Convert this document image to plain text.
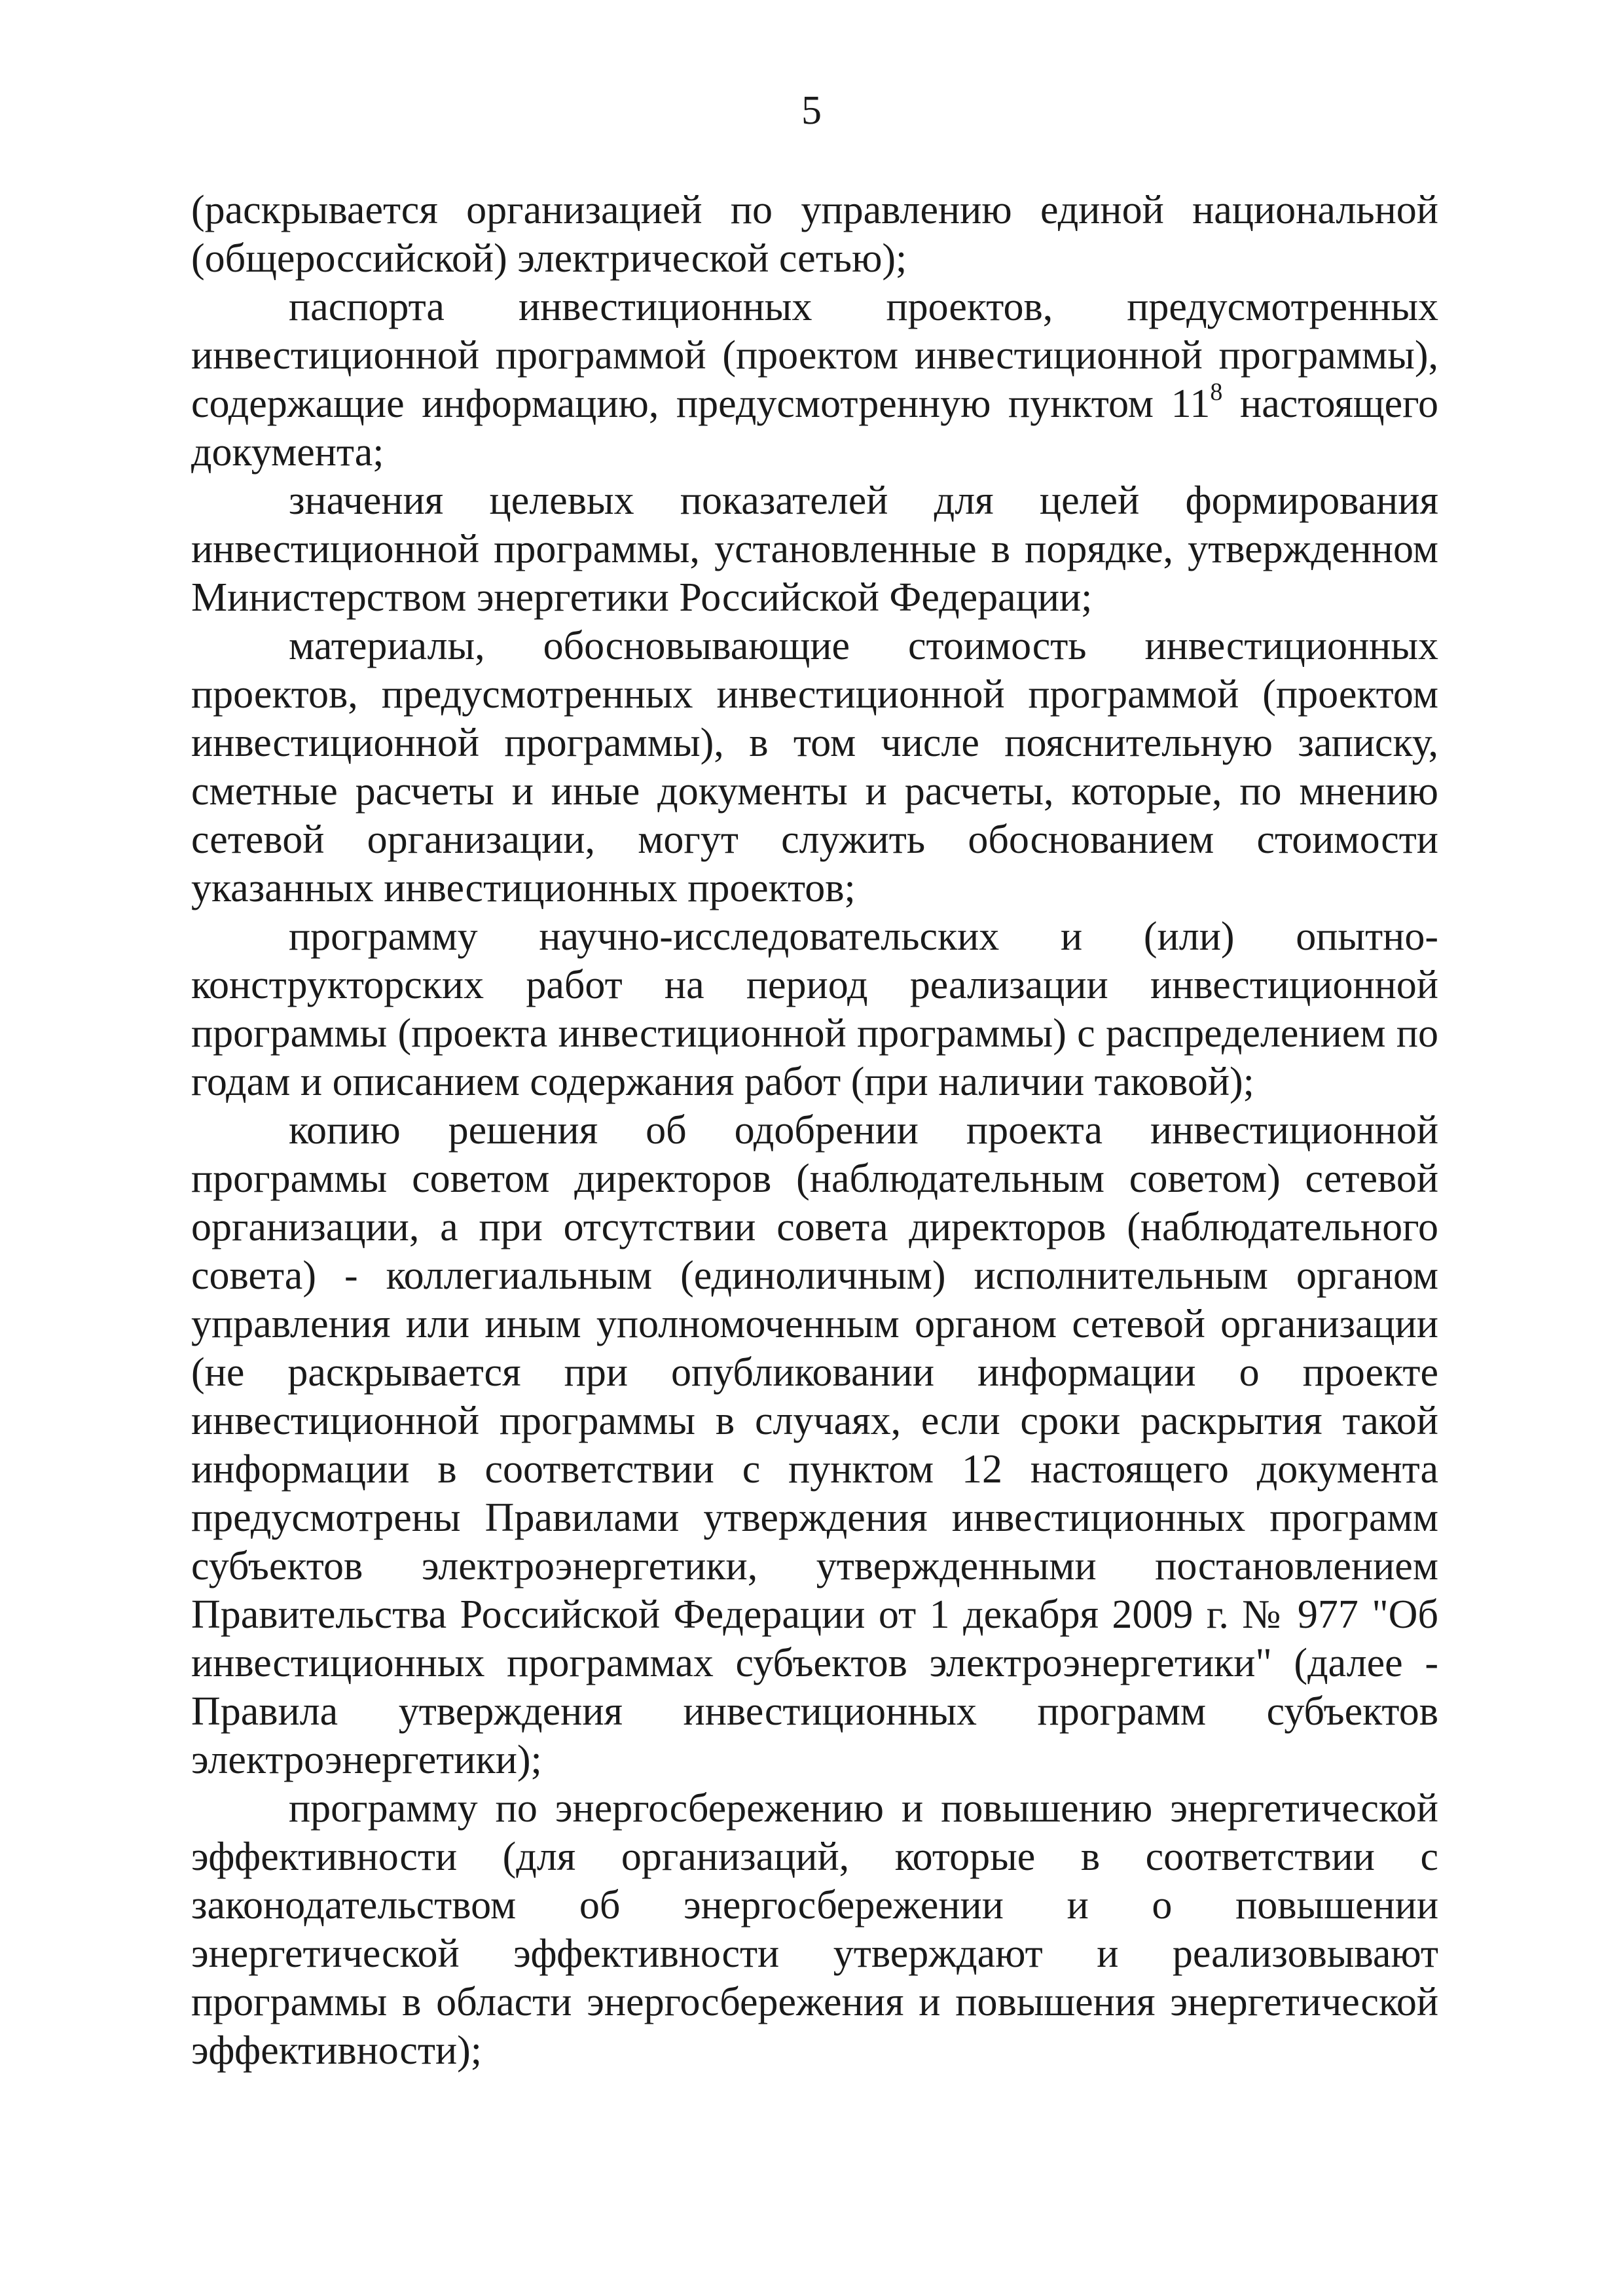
5

(раскрывается организацией по управлению единой национальной (общероссийской) электрической сетью);

паспорта инвестиционных проектов, предусмотренных инвестиционной программой (проектом инвестиционной программы), содержащие информацию, предусмотренную пунктом $11^8$ настоящего документа;

значения целевых показателей для целей формирования инвестиционной программы, установленные в порядке, утвержденном Министерством энергетики Российской Федерации;

материалы, обосновывающие стоимость инвестиционных проектов, предусмотренных инвестиционной программой (проектом инвестиционной программы), в том числе пояснительную записку, сметные расчеты и иные документы и расчеты, которые, по мнению сетевой организации, могут служить обоснованием стоимости указанных инвестиционных проектов;

программу научно-исследовательских и (или) опытно-конструкторских работ на период реализации инвестиционной программы (проекта инвестиционной программы) с распределением по годам и описанием содержания работ (при наличии таковой);

копию решения об одобрении проекта инвестиционной программы советом директоров (наблюдательным советом) сетевой организации, а при отсутствии совета директоров (наблюдательного совета) - коллегиальным (единоличным) исполнительным органом управления или иным уполномоченным органом сетевой организации (не раскрывается при опубликовании информации о проекте инвестиционной программы в случаях, если сроки раскрытия такой информации в соответствии с пунктом 12 настоящего документа предусмотрены Правилами утверждения инвестиционных программ субъектов электроэнергетики, утвержденными постановлением Правительства Российской Федерации от 1 декабря 2009 г. № 977 "Об инвестиционных программах субъектов электроэнергетики" (далее - Правила утверждения инвестиционных программ субъектов электроэнергетики);

программу по энергосбережению и повышению энергетической эффективности (для организаций, которые в соответствии с законодательством об энергосбережении и о повышении энергетической эффективности утверждают и реализовывают программы в области энергосбережения и повышения энергетической эффективности);
